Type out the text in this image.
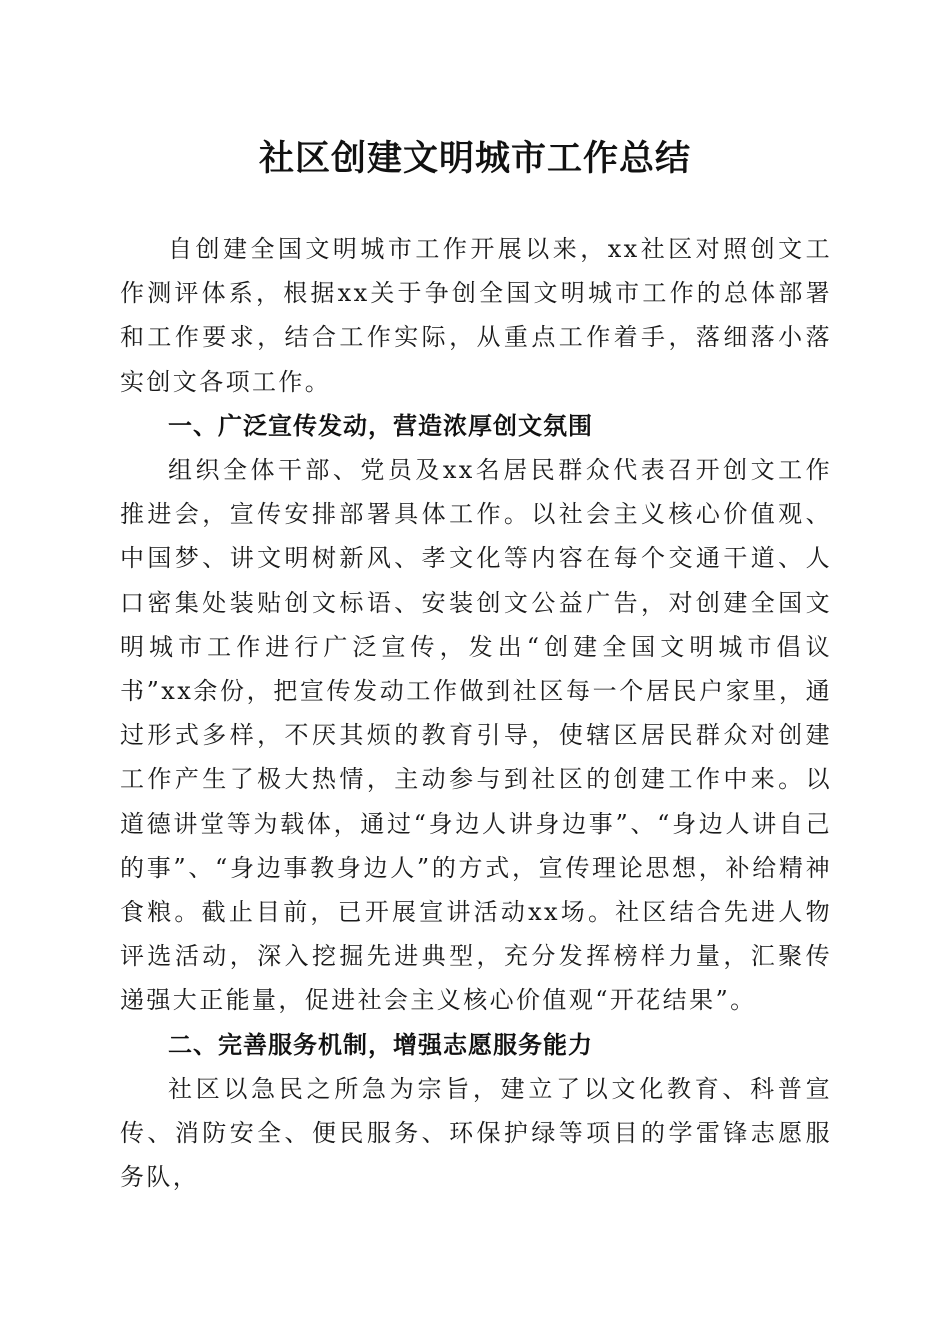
社区创建文明城市工作总结

自创建全国文明城市工作开展以来，xx社区对照创文工作测评体系，根据xx关于争创全国文明城市工作的总体部署和工作要求，结合工作实际，从重点工作着手，落细落小落实创文各项工作。

一、广泛宣传发动，营造浓厚创文氛围

组织全体干部、党员及xx名居民群众代表召开创文工作推进会，宣传安排部署具体工作。以社会主义核心价值观、中国梦、讲文明树新风、孝文化等内容在每个交通干道、人口密集处装贴创文标语、安装创文公益广告，对创建全国文明城市工作进行广泛宣传，发出“创建全国文明城市倡议书”xx余份，把宣传发动工作做到社区每一个居民户家里，通过形式多样，不厌其烦的教育引导，使辖区居民群众对创建工作产生了极大热情，主动参与到社区的创建工作中来。以道德讲堂等为载体，通过“身边人讲身边事”、“身边人讲自己的事”、“身边事教身边人”的方式，宣传理论思想，补给精神食粮。截止目前，已开展宣讲活动xx场。社区结合先进人物评选活动，深入挖掘先进典型，充分发挥榜样力量，汇聚传递强大正能量，促进社会主义核心价值观“开花结果”。

二、完善服务机制，增强志愿服务能力

社区以急民之所急为宗旨，建立了以文化教育、科普宣传、消防安全、便民服务、环保护绿等项目的学雷锋志愿服务队，
